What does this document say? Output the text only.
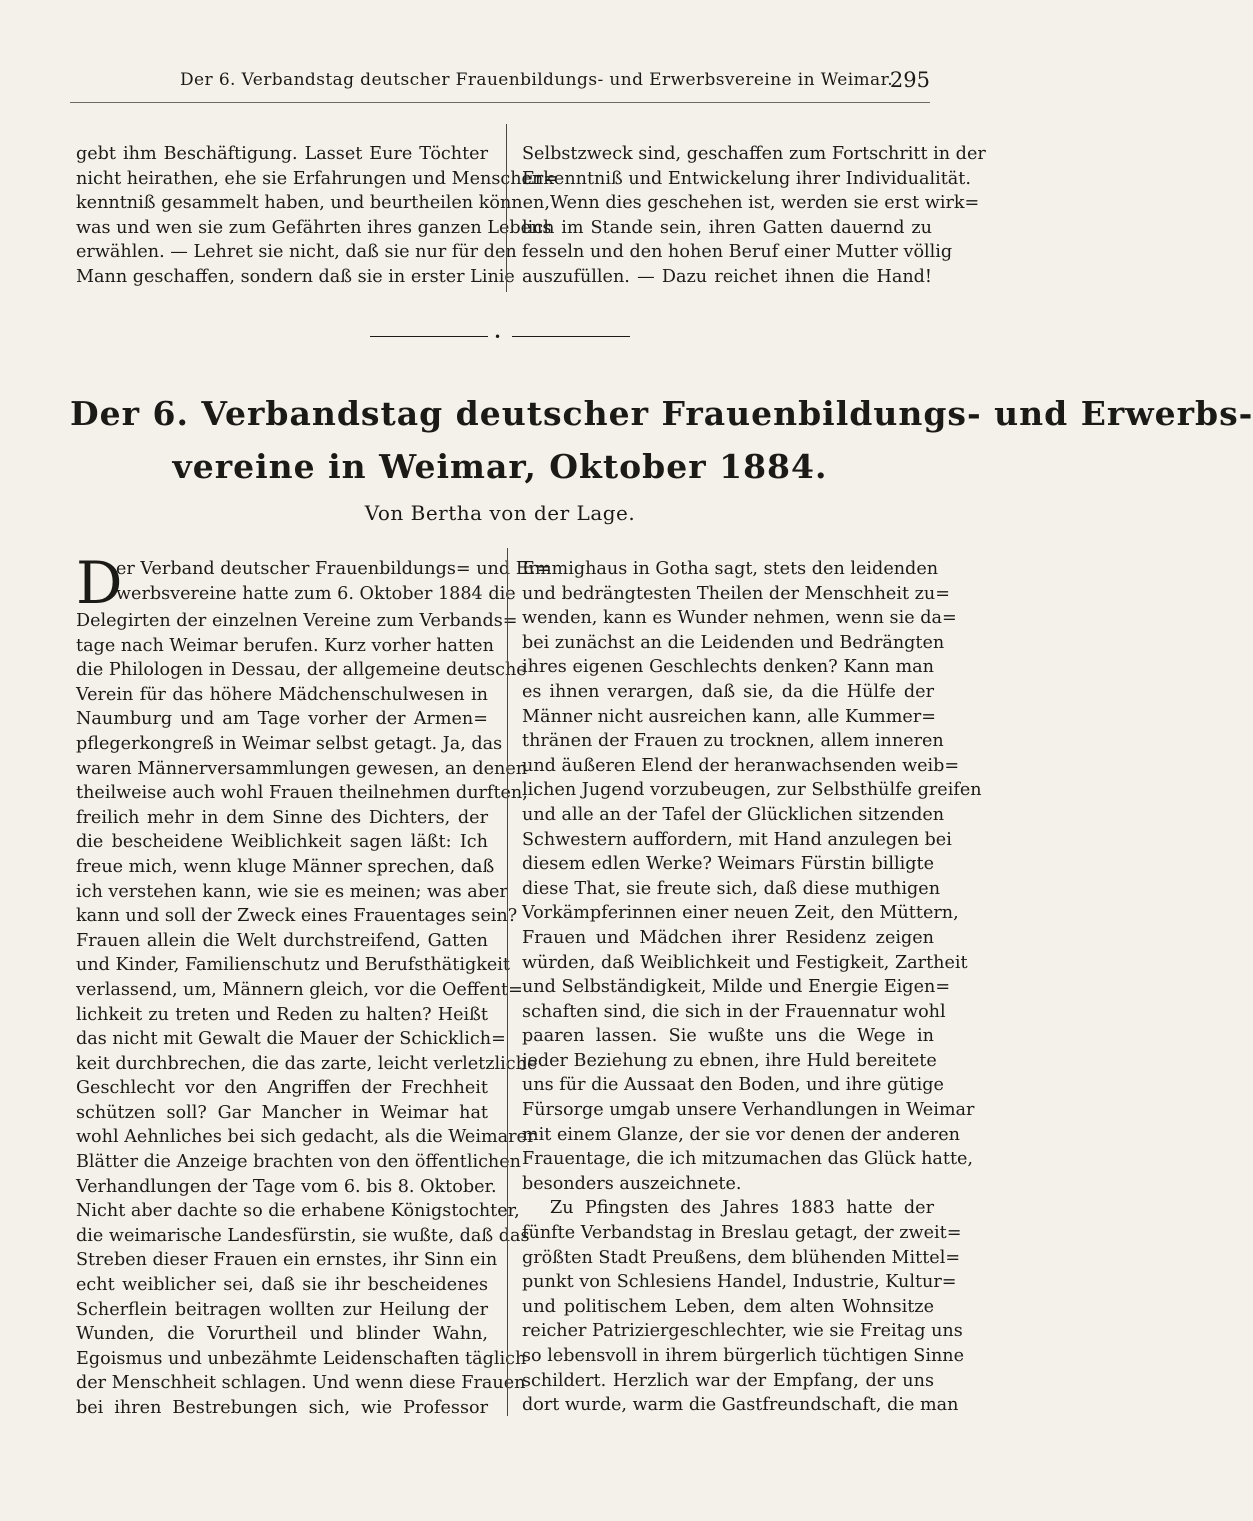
Der 6. Verbandstag deutscher Frauenbildungs- und Erwerbsvereine in Weimar.
295
gebt ihm Beschäftigung. Lasset Eure Töchter
nicht heirathen, ehe sie Erfahrungen und Menschen=
kenntniß gesammelt haben, und beurtheilen können,
was und wen sie zum Gefährten ihres ganzen Lebens
erwählen. — Lehret sie nicht, daß sie nur für den
Mann geschaffen, sondern daß sie in erster Linie
Selbstzweck sind, geschaffen zum Fortschritt in der
Erkenntniß und Entwickelung ihrer Individualität.
Wenn dies geschehen ist, werden sie erst wirk=
lich im Stande sein, ihren Gatten dauernd zu
fesseln und den hohen Beruf einer Mutter völlig
auszufüllen. — Dazu reichet ihnen die Hand!
•
Der 6. Verbandstag deutscher Frauenbildungs- und Erwerbs-
vereine in Weimar, Oktober 1884.
Von Bertha von der Lage.
D
er Verband deutscher Frauenbildungs= und Er=
werbsvereine hatte zum 6. Oktober 1884 die
Delegirten der einzelnen Vereine zum Verbands=
tage nach Weimar berufen. Kurz vorher hatten
die Philologen in Dessau, der allgemeine deutsche
Verein für das höhere Mädchenschulwesen in
Naumburg und am Tage vorher der Armen=
pflegerkongreß in Weimar selbst getagt. Ja, das
waren Männerversammlungen gewesen, an denen
theilweise auch wohl Frauen theilnehmen durften,
freilich mehr in dem Sinne des Dichters, der
die bescheidene Weiblichkeit sagen läßt: Ich
freue mich, wenn kluge Männer sprechen, daß
ich verstehen kann, wie sie es meinen; was aber
kann und soll der Zweck eines Frauentages sein?
Frauen allein die Welt durchstreifend, Gatten
und Kinder, Familienschutz und Berufsthätigkeit
verlassend, um, Männern gleich, vor die Oeffent=
lichkeit zu treten und Reden zu halten? Heißt
das nicht mit Gewalt die Mauer der Schicklich=
keit durchbrechen, die das zarte, leicht verletzliche
Geschlecht vor den Angriffen der Frechheit
schützen soll? Gar Mancher in Weimar hat
wohl Aehnliches bei sich gedacht, als die Weimarer
Blätter die Anzeige brachten von den öffentlichen
Verhandlungen der Tage vom 6. bis 8. Oktober.
Nicht aber dachte so die erhabene Königstochter,
die weimarische Landesfürstin, sie wußte, daß das
Streben dieser Frauen ein ernstes, ihr Sinn ein
echt weiblicher sei, daß sie ihr bescheidenes
Scherflein beitragen wollten zur Heilung der
Wunden, die Vorurtheil und blinder Wahn,
Egoismus und unbezähmte Leidenschaften täglich
der Menschheit schlagen. Und wenn diese Frauen
bei ihren Bestrebungen sich, wie Professor
Emmighaus in Gotha sagt, stets den leidenden
und bedrängtesten Theilen der Menschheit zu=
wenden, kann es Wunder nehmen, wenn sie da=
bei zunächst an die Leidenden und Bedrängten
ihres eigenen Geschlechts denken? Kann man
es ihnen verargen, daß sie, da die Hülfe der
Männer nicht ausreichen kann, alle Kummer=
thränen der Frauen zu trocknen, allem inneren
und äußeren Elend der heranwachsenden weib=
lichen Jugend vorzubeugen, zur Selbsthülfe greifen
und alle an der Tafel der Glücklichen sitzenden
Schwestern auffordern, mit Hand anzulegen bei
diesem edlen Werke? Weimars Fürstin billigte
diese That, sie freute sich, daß diese muthigen
Vorkämpferinnen einer neuen Zeit, den Müttern,
Frauen und Mädchen ihrer Residenz zeigen
würden, daß Weiblichkeit und Festigkeit, Zartheit
und Selbständigkeit, Milde und Energie Eigen=
schaften sind, die sich in der Frauennatur wohl
paaren lassen. Sie wußte uns die Wege in
jeder Beziehung zu ebnen, ihre Huld bereitete
uns für die Aussaat den Boden, und ihre gütige
Fürsorge umgab unsere Verhandlungen in Weimar
mit einem Glanze, der sie vor denen der anderen
Frauentage, die ich mitzumachen das Glück hatte,
besonders auszeichnete.
Zu Pfingsten des Jahres 1883 hatte der
fünfte Verbandstag in Breslau getagt, der zweit=
größten Stadt Preußens, dem blühenden Mittel=
punkt von Schlesiens Handel, Industrie, Kultur=
und politischem Leben, dem alten Wohnsitze
reicher Patriziergeschlechter, wie sie Freitag uns
so lebensvoll in ihrem bürgerlich tüchtigen Sinne
schildert. Herzlich war der Empfang, der uns
dort wurde, warm die Gastfreundschaft, die man
